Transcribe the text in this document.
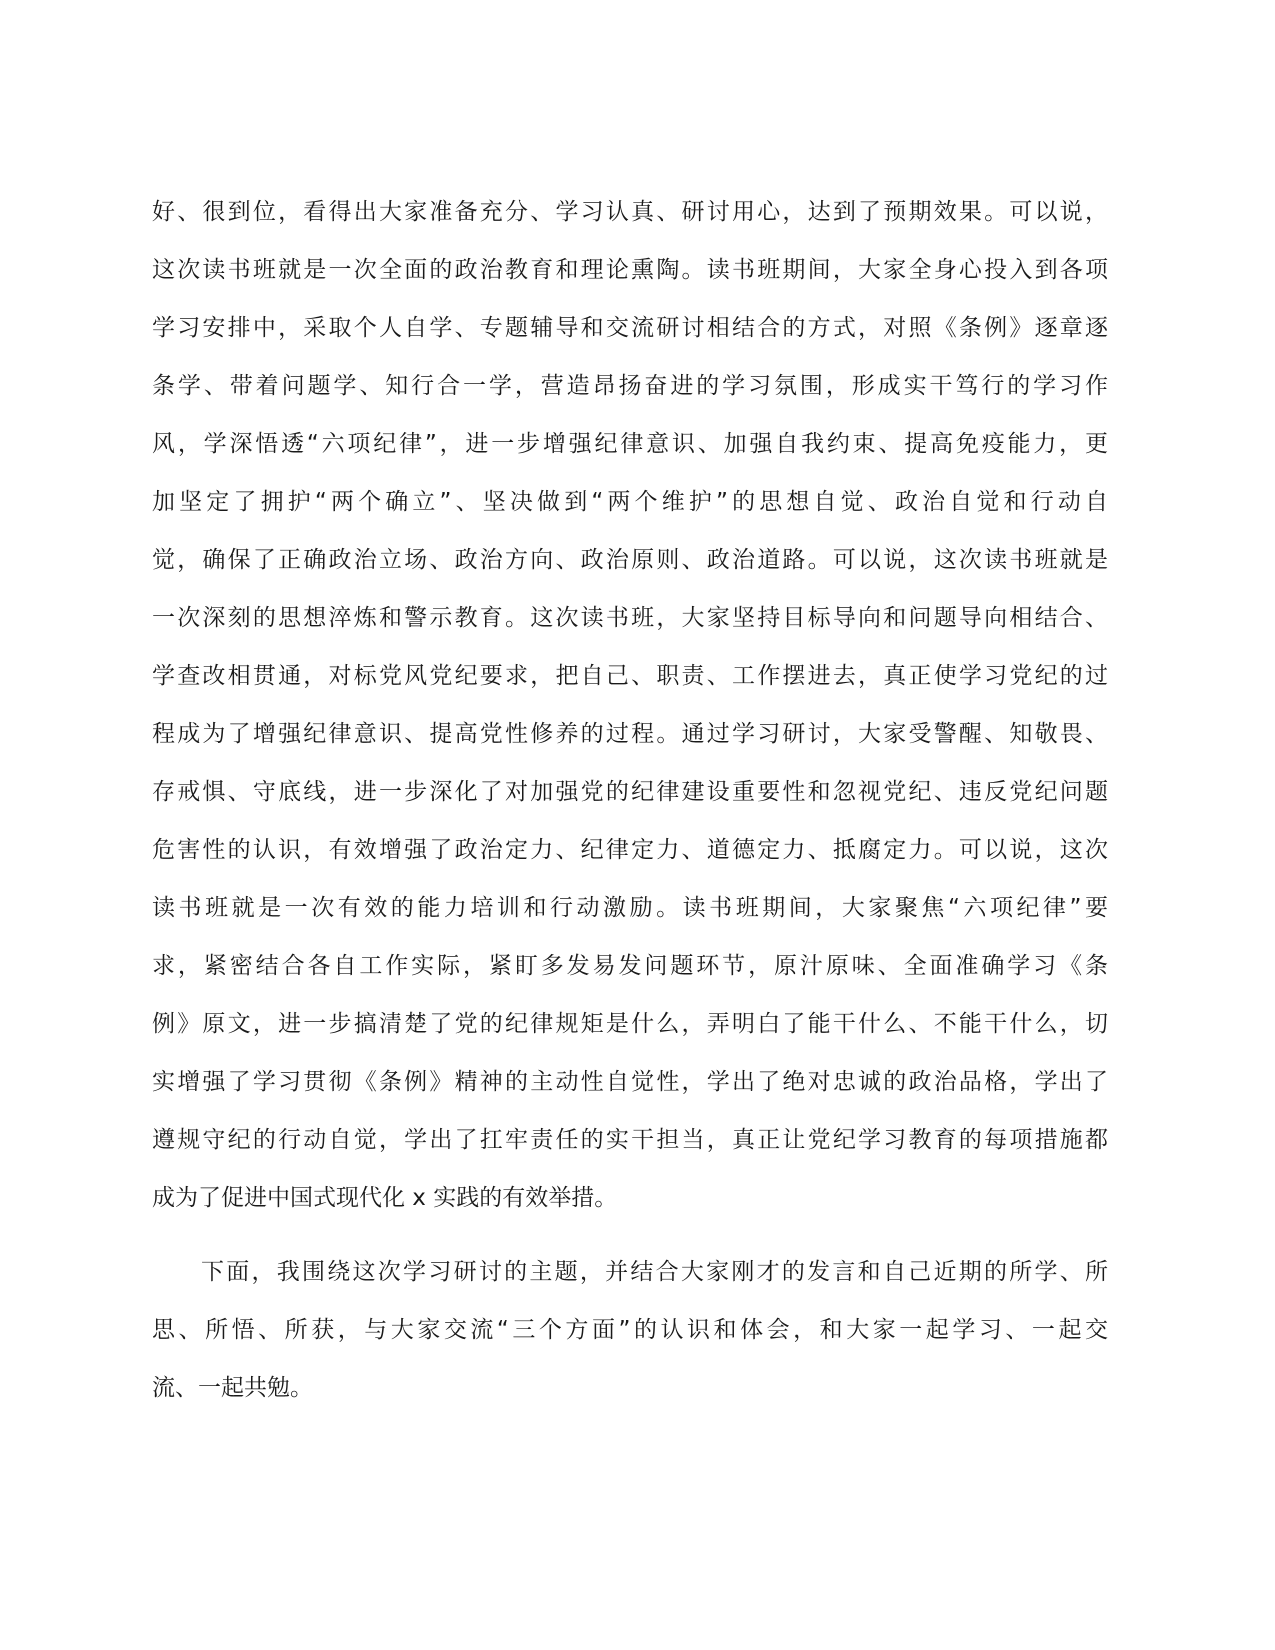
好、很到位，看得出大家准备充分、学习认真、研讨用心，达到了预期效果。可以说，
这次读书班就是一次全面的政治教育和理论熏陶。读书班期间，大家全身心投入到各项
学习安排中，采取个人自学、专题辅导和交流研讨相结合的方式，对照《条例》逐章逐
条学、带着问题学、知行合一学，营造昂扬奋进的学习氛围，形成实干笃行的学习作
风，学深悟透“六项纪律”，进一步增强纪律意识、加强自我约束、提高免疫能力，更
加坚定了拥护“两个确立”、坚决做到“两个维护”的思想自觉、政治自觉和行动自
觉，确保了正确政治立场、政治方向、政治原则、政治道路。可以说，这次读书班就是
一次深刻的思想淬炼和警示教育。这次读书班，大家坚持目标导向和问题导向相结合、
学查改相贯通，对标党风党纪要求，把自己、职责、工作摆进去，真正使学习党纪的过
程成为了增强纪律意识、提高党性修养的过程。通过学习研讨，大家受警醒、知敬畏、
存戒惧、守底线，进一步深化了对加强党的纪律建设重要性和忽视党纪、违反党纪问题
危害性的认识，有效增强了政治定力、纪律定力、道德定力、抵腐定力。可以说，这次
读书班就是一次有效的能力培训和行动激励。读书班期间，大家聚焦“六项纪律”要
求，紧密结合各自工作实际，紧盯多发易发问题环节，原汁原味、全面准确学习《条
例》原文，进一步搞清楚了党的纪律规矩是什么，弄明白了能干什么、不能干什么，切
实增强了学习贯彻《条例》精神的主动性自觉性，学出了绝对忠诚的政治品格，学出了
遵规守纪的行动自觉，学出了扛牢责任的实干担当，真正让党纪学习教育的每项措施都
成为了促进中国式现代化 x 实践的有效举措。
下面，我围绕这次学习研讨的主题，并结合大家刚才的发言和自己近期的所学、所
思、所悟、所获，与大家交流“三个方面”的认识和体会，和大家一起学习、一起交
流、一起共勉。
